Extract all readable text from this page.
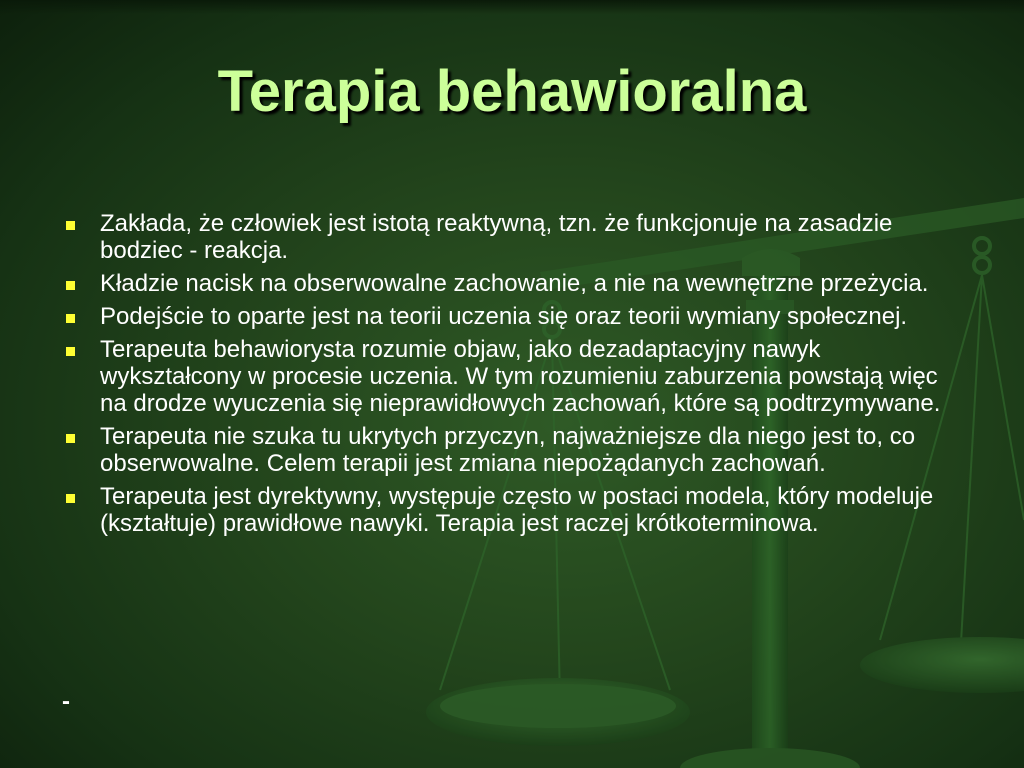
Terapia behawioralna
Zakłada, że człowiek jest istotą reaktywną, tzn. że funkcjonuje na zasadzie bodziec - reakcja.
Kładzie nacisk na obserwowalne zachowanie, a nie na wewnętrzne przeżycia.
Podejście to oparte jest na teorii uczenia się oraz teorii wymiany społecznej.
Terapeuta behawiorysta rozumie objaw, jako dezadaptacyjny nawyk wykształcony w procesie uczenia. W tym rozumieniu zaburzenia powstają więc na drodze wyuczenia się nieprawidłowych zachowań, które są podtrzymywane.
Terapeuta nie szuka tu ukrytych przyczyn, najważniejsze dla niego jest to, co obserwowalne. Celem terapii jest zmiana niepożądanych zachowań.
Terapeuta jest dyrektywny, występuje często w postaci modela, który modeluje (kształtuje) prawidłowe nawyki. Terapia jest raczej krótkoterminowa.
-
